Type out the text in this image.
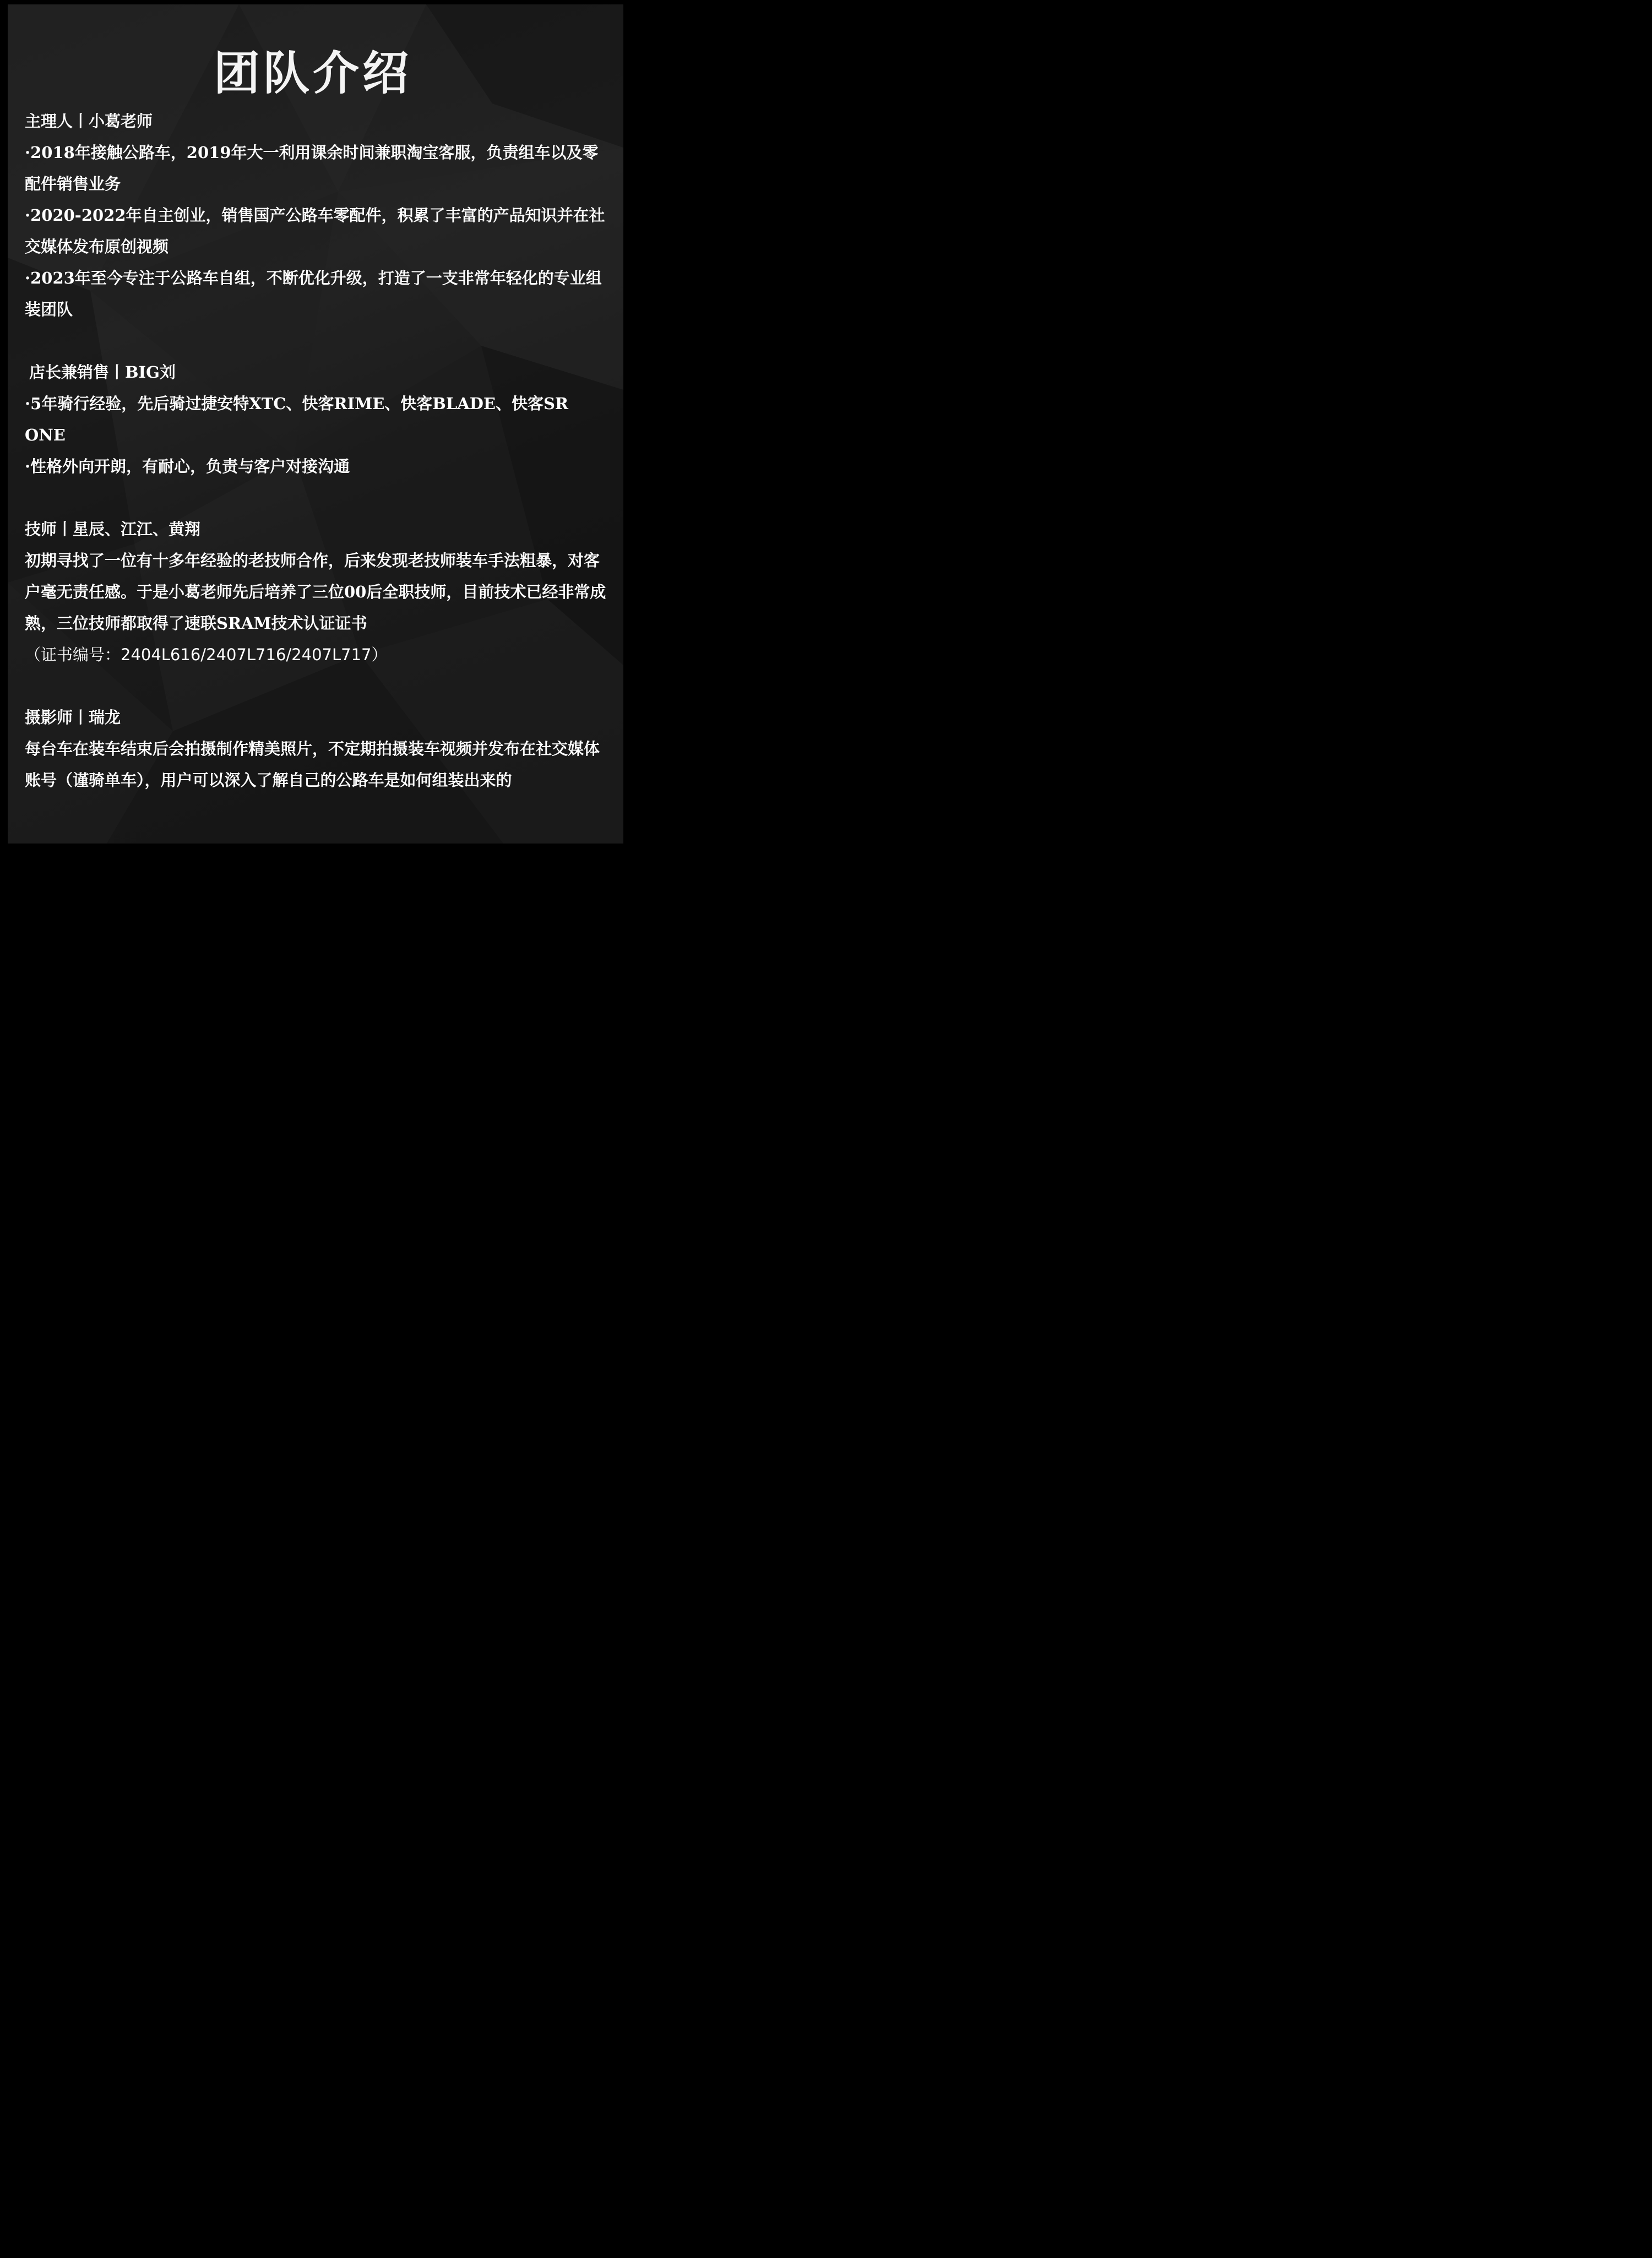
团队介绍

主理人丨小葛老师

·2018年接触公路车，2019年大一利用课余时间兼职淘宝客服，负责组车以及零配件销售业务

·2020-2022年自主创业，销售国产公路车零配件，积累了丰富的产品知识并在社交媒体发布原创视频

·2023年至今专注于公路车自组，不断优化升级，打造了一支非常年轻化的专业组装团队

店长兼销售丨BIG刘

·5年骑行经验，先后骑过捷安特XTC、快客RIME、快客BLADE、快客SR ONE

·性格外向开朗，有耐心，负责与客户对接沟通

技师丨星辰、江江、黄翔

初期寻找了一位有十多年经验的老技师合作，后来发现老技师装车手法粗暴，对客户毫无责任感。于是小葛老师先后培养了三位00后全职技师，目前技术已经非常成熟，三位技师都取得了速联SRAM技术认证证书

（证书编号：2404L616/2407L716/2407L717）

摄影师丨瑞龙

每台车在装车结束后会拍摄制作精美照片，不定期拍摄装车视频并发布在社交媒体账号（谨骑单车），用户可以深入了解自己的公路车是如何组装出来的
